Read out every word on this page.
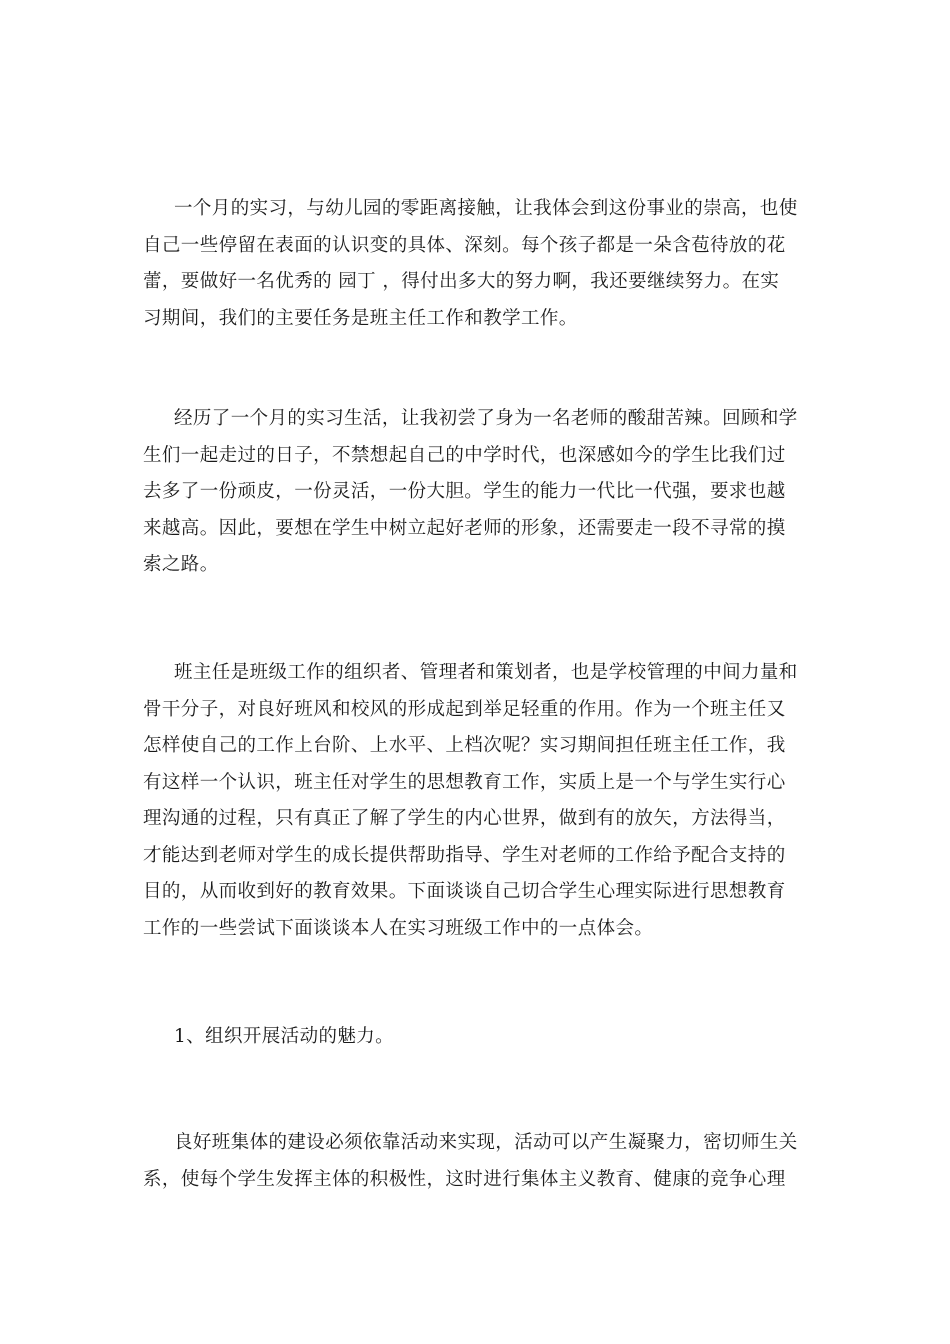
一个月的实习，与幼儿园的零距离接触，让我体会到这份事业的崇高，也使
自己一些停留在表面的认识变的具体、深刻。每个孩子都是一朵含苞待放的花
蕾，要做好一名优秀的 园丁 ，得付出多大的努力啊，我还要继续努力。在实
习期间，我们的主要任务是班主任工作和教学工作。
经历了一个月的实习生活，让我初尝了身为一名老师的酸甜苦辣。回顾和学
生们一起走过的日子，不禁想起自己的中学时代，也深感如今的学生比我们过
去多了一份顽皮，一份灵活，一份大胆。学生的能力一代比一代强，要求也越
来越高。因此，要想在学生中树立起好老师的形象，还需要走一段不寻常的摸
索之路。
班主任是班级工作的组织者、管理者和策划者，也是学校管理的中间力量和
骨干分子，对良好班风和校风的形成起到举足轻重的作用。作为一个班主任又
怎样使自己的工作上台阶、上水平、上档次呢？实习期间担任班主任工作，我
有这样一个认识，班主任对学生的思想教育工作，实质上是一个与学生实行心
理沟通的过程，只有真正了解了学生的内心世界，做到有的放矢，方法得当，
才能达到老师对学生的成长提供帮助指导、学生对老师的工作给予配合支持的
目的，从而收到好的教育效果。下面谈谈自己切合学生心理实际进行思想教育
工作的一些尝试下面谈谈本人在实习班级工作中的一点体会。
1、组织开展活动的魅力。
良好班集体的建设必须依靠活动来实现，活动可以产生凝聚力，密切师生关
系，使每个学生发挥主体的积极性，这时进行集体主义教育、健康的竞争心理
